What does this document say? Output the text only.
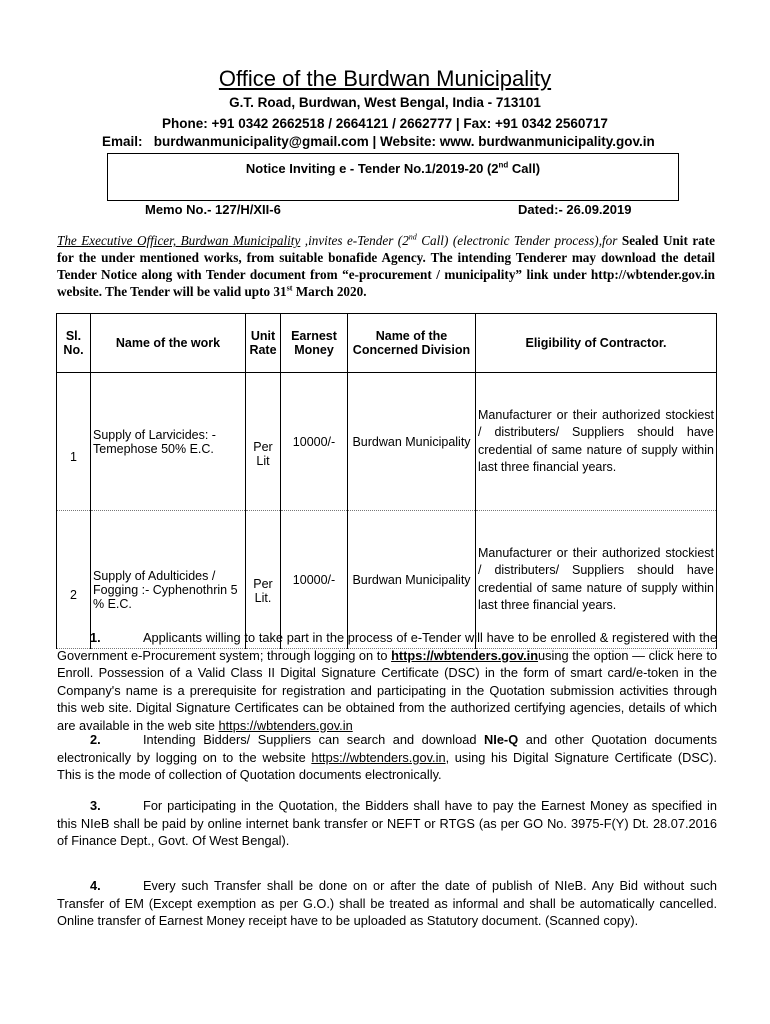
Office of the Burdwan Municipality
G.T. Road, Burdwan, West Bengal, India - 713101
Phone: +91 0342 2662518 / 2664121 / 2662777 | Fax: +91 0342 2560717
Email: burdwanmunicipality@gmail.com | Website: www. burdwanmunicipality.gov.in
Notice Inviting e - Tender No.1/2019-20 (2nd Call)
Memo No.- 127/H/XII-6	Dated:- 26.09.2019
The Executive Officer, Burdwan Municipality ,invites e-Tender (2nd Call) (electronic Tender process),for Sealed Unit rate for the under mentioned works, from suitable bonafide Agency. The intending Tenderer may download the detail Tender Notice along with Tender document from “e-procurement / municipality” link under http://wbtender.gov.in website. The Tender will be valid upto 31st March 2020.
Sl. No.	Name of the work	Unit Rate	Earnest Money	Name of the Concerned Division	Eligibility of Contractor.
1	Supply of Larvicides: - Temephose 50% E.C.	Per Lit	10000/-	Burdwan Municipality	Manufacturer or their authorized stockiest / distributers/ Suppliers should have credential of same nature of supply within last three financial years.
2	Supply of Adulticides / Fogging :- Cyphenothrin 5 % E.C.	Per Lit.	10000/-	Burdwan Municipality	Manufacturer or their authorized stockiest / distributers/ Suppliers should have credential of same nature of supply within last three financial years.
1.	Applicants willing to take part in the process of e-Tender will have to be enrolled & registered with the Government e-Procurement system; through logging on to https://wbtenders.gov.inusing the option — click here to Enroll. Possession of a Valid Class II Digital Signature Certificate (DSC) in the form of smart card/e-token in the Company's name is a prerequisite for registration and participating in the Quotation submission activities through this web site. Digital Signature Certificates can be obtained from the authorized certifying agencies, details of which are available in the web site https://wbtenders.gov.in
2.	Intending Bidders/ Suppliers can search and download NIe-Q and other Quotation documents electronically by logging on to the website https://wbtenders.gov.in, using his Digital Signature Certificate (DSC). This is the mode of collection of Quotation documents electronically.
3.	For participating in the Quotation, the Bidders shall have to pay the Earnest Money as specified in this NIeB shall be paid by online internet bank transfer or NEFT or RTGS (as per GO No. 3975-F(Y) Dt. 28.07.2016 of Finance Dept., Govt. Of West Bengal).
4.	Every such Transfer shall be done on or after the date of publish of NIeB. Any Bid without such Transfer of EM (Except exemption as per G.O.) shall be treated as informal and shall be automatically cancelled. Online transfer of Earnest Money receipt have to be uploaded as Statutory document. (Scanned copy).
